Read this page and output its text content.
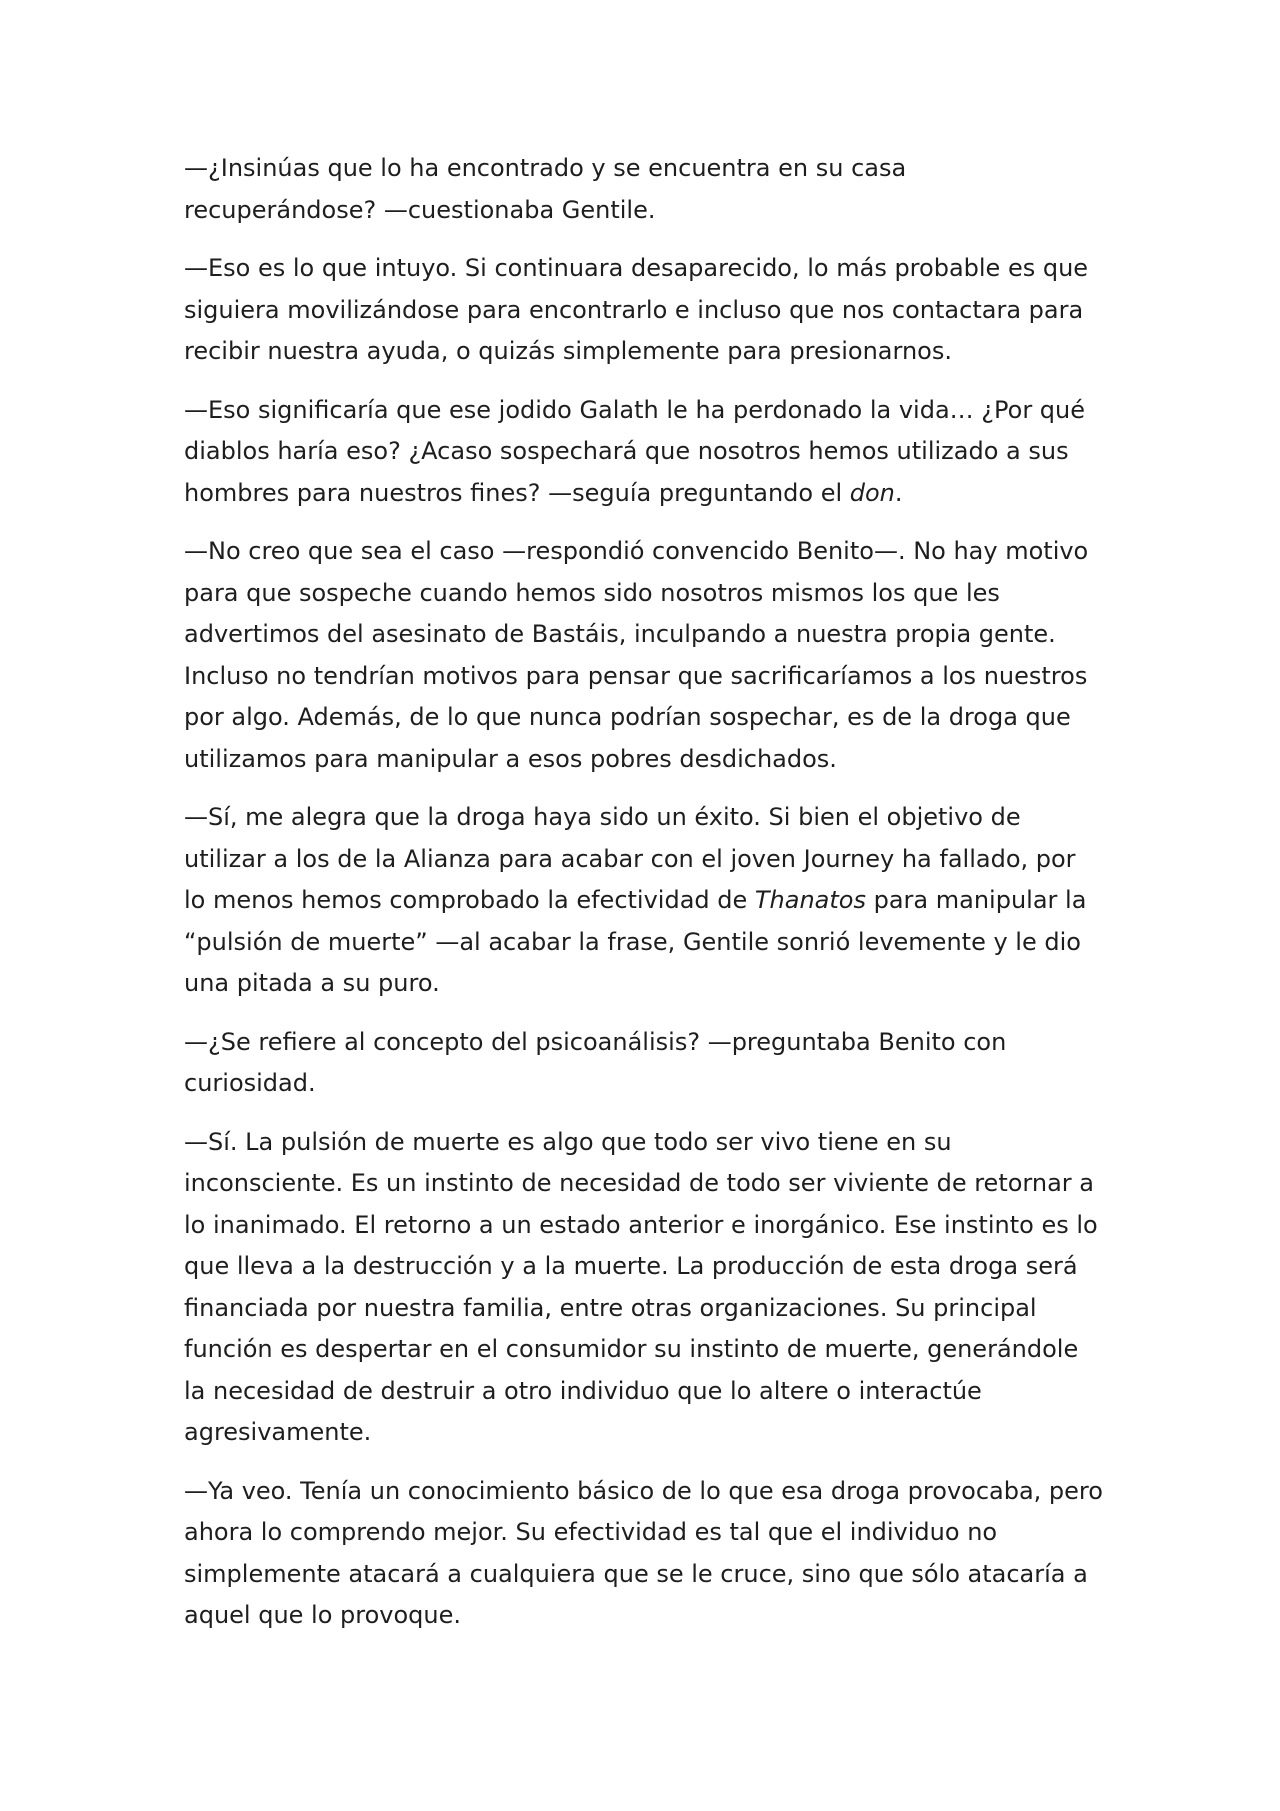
—¿Insinúas que lo ha encontrado y se encuentra en su casa recuperándose? —cuestionaba Gentile.

—Eso es lo que intuyo. Si continuara desaparecido, lo más probable es que siguiera movilizándose para encontrarlo e incluso que nos contactara para recibir nuestra ayuda, o quizás simplemente para presionarnos.

—Eso significaría que ese jodido Galath le ha perdonado la vida… ¿Por qué diablos haría eso? ¿Acaso sospechará que nosotros hemos utilizado a sus hombres para nuestros fines? —seguía preguntando el don.

—No creo que sea el caso —respondió convencido Benito—. No hay motivo para que sospeche cuando hemos sido nosotros mismos los que les advertimos del asesinato de Bastáis, inculpando a nuestra propia gente. Incluso no tendrían motivos para pensar que sacrificaríamos a los nuestros por algo. Además, de lo que nunca podrían sospechar, es de la droga que utilizamos para manipular a esos pobres desdichados.

—Sí, me alegra que la droga haya sido un éxito. Si bien el objetivo de utilizar a los de la Alianza para acabar con el joven Journey ha fallado, por lo menos hemos comprobado la efectividad de Thanatos para manipular la “pulsión de muerte” —al acabar la frase, Gentile sonrió levemente y le dio una pitada a su puro.

—¿Se refiere al concepto del psicoanálisis? —preguntaba Benito con curiosidad.

—Sí. La pulsión de muerte es algo que todo ser vivo tiene en su inconsciente. Es un instinto de necesidad de todo ser viviente de retornar a lo inanimado. El retorno a un estado anterior e inorgánico. Ese instinto es lo que lleva a la destrucción y a la muerte. La producción de esta droga será financiada por nuestra familia, entre otras organizaciones. Su principal función es despertar en el consumidor su instinto de muerte, generándole la necesidad de destruir a otro individuo que lo altere o interactúe agresivamente.

—Ya veo. Tenía un conocimiento básico de lo que esa droga provocaba, pero ahora lo comprendo mejor. Su efectividad es tal que el individuo no simplemente atacará a cualquiera que se le cruce, sino que sólo atacaría a aquel que lo provoque.
